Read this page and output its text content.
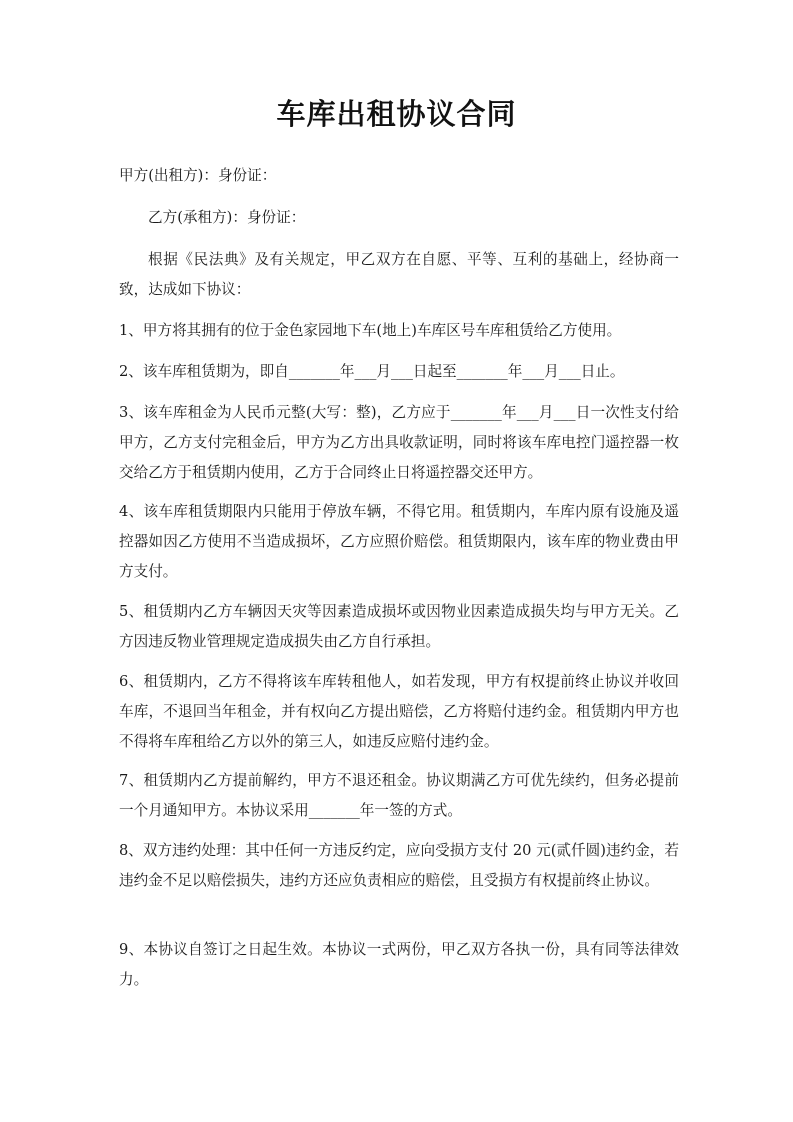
车库出租协议合同

甲方(出租方)：身份证：

乙方(承租方)：身份证：

根据《民法典》及有关规定，甲乙双方在自愿、平等、互利的基础上，经协商一致，达成如下协议：

1、甲方将其拥有的位于金色家园地下车(地上)车库区号车库租赁给乙方使用。

2、该车库租赁期为，即自_______年___月___日起至_______年___月___日止。

3、该车库租金为人民币元整(大写：整)，乙方应于_______年___月___日一次性支付给甲方，乙方支付完租金后，甲方为乙方出具收款证明，同时将该车库电控门遥控器一枚交给乙方于租赁期内使用，乙方于合同终止日将遥控器交还甲方。

4、该车库租赁期限内只能用于停放车辆，不得它用。租赁期内，车库内原有设施及遥控器如因乙方使用不当造成损坏，乙方应照价赔偿。租赁期限内，该车库的物业费由甲方支付。

5、租赁期内乙方车辆因天灾等因素造成损坏或因物业因素造成损失均与甲方无关。乙方因违反物业管理规定造成损失由乙方自行承担。

6、租赁期内，乙方不得将该车库转租他人，如若发现，甲方有权提前终止协议并收回车库，不退回当年租金，并有权向乙方提出赔偿，乙方将赔付违约金。租赁期内甲方也不得将车库租给乙方以外的第三人，如违反应赔付违约金。

7、租赁期内乙方提前解约，甲方不退还租金。协议期满乙方可优先续约，但务必提前一个月通知甲方。本协议采用_______年一签的方式。

8、双方违约处理：其中任何一方违反约定，应向受损方支付 20 元(贰仟圆)违约金，若违约金不足以赔偿损失，违约方还应负责相应的赔偿，且受损方有权提前终止协议。

9、本协议自签订之日起生效。本协议一式两份，甲乙双方各执一份，具有同等法律效力。
